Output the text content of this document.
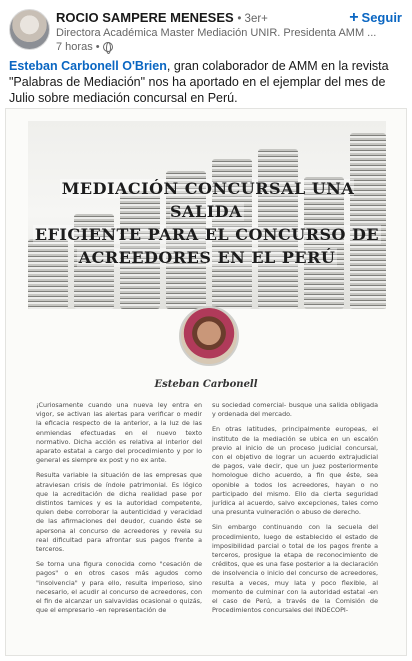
ROCIO SAMPERE MENESES • 3er+
Directora Académica Master Mediación UNIR. Presidenta AMM ...
7 horas •
+ Seguir
Esteban Carbonell O'Brien, gran colaborador de AMM en la revista "Palabras de Mediación" nos ha aportado en el ejemplar del mes de Julio sobre mediación concursal en Perú.
MEDIACIÓN CONCURSAL UNA SALIDA
EFICIENTE PARA EL CONCURSO DE
ACREEDORES EN EL PERÚ
Esteban Carbonell

¡Curiosamente cuando una nueva ley entra en vigor, se activan las alertas para verificar o medir la eficacia respecto de la anterior, a la luz de las enmiendas efectuadas en el nuevo texto normativo. Dicha acción es relativa al interior del aparato estatal a cargo del procedimiento y por lo general es siempre ex post y no ex ante.

Resulta variable la situación de las empresas que atraviesan crisis de índole patrimonial. Es lógico que la acreditación de dicha realidad pase por distintos tamices y es la autoridad competente, quien debe corroborar la autenticidad y veracidad de las afirmaciones del deudor, cuando éste se apersona al concurso de acreedores y revela su real dificultad para afrontar sus pagos frente a terceros.

Se torna una figura conocida como "cesación de pagos" o en otros casos más agudos como "insolvencia" y para ello, resulta imperioso, sino necesario, el acudir al concurso de acreedores, con el fin de alcanzar un salvavidas ocasional o quizás, que el empresario -en representación de

su sociedad comercial- busque una salida obligada y ordenada del mercado.

En otras latitudes, principalmente europeas, el instituto de la mediación se ubica en un escalón previo al inicio de un proceso judicial concursal, con el objetivo de lograr un acuerdo extrajudicial de pagos, vale decir, que un juez posteriormente homologue dicho acuerdo, a fin que éste, sea oponible a todos los acreedores, hayan o no participado del mismo. Ello da cierta seguridad jurídica al acuerdo, salvo excepciones, tales como una presunta vulneración o abuso de derecho.

Sin embargo continuando con la secuela del procedimiento, luego de establecido el estado de imposibilidad parcial o total de los pagos frente a terceros, prosigue la etapa de reconocimiento de créditos, que es una fase posterior a la declaración de insolvencia o inicio del concurso de acreedores, resulta a veces, muy lata y poco flexible, al momento de culminar con la autoridad estatal -en el caso de Perú, a través de la Comisión de Procedimientos concursales del INDECOPI-
